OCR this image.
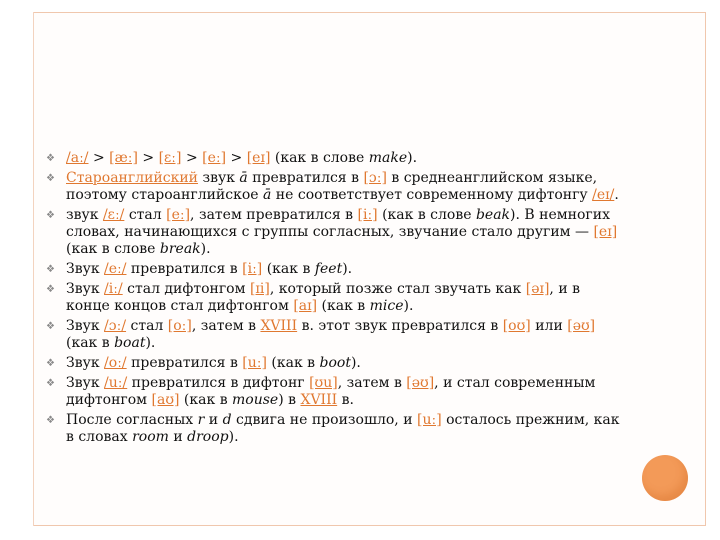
❖
/aː/ > [æː] > [ɛː] > [eː] > [eɪ] (как в слове make).
❖
Староанглийский звук ā превратился в [ɔː] в среднеанглийском языке, поэтому староанглийское ā не соответствует современному дифтонгу /eɪ/.
❖
звук /ɛː/ стал [eː], затем превратился в [iː] (как в слове beak). В немногих словах, начинающихся с группы согласных, звучание стало другим — [eɪ] (как в слове break).
❖
Звук /eː/ превратился в [iː] (как в feet).
❖
Звук /iː/ стал дифтонгом [ɪi], который позже стал звучать как [əɪ], и в конце концов стал дифтонгом [aɪ] (как в mice).
❖
Звук /ɔː/ стал [oː], затем в XVIII в. этот звук превратился в [oʊ] или [əʊ] (как в boat).
❖
Звук /oː/ превратился в [uː] (как в boot).
❖
Звук /uː/ превратился в дифтонг [ʊu], затем в [əʊ], и стал современным дифтонгом [aʊ] (как в mouse) в XVIII в.
❖
После согласных r и d сдвига не произошло, и [uː] осталось прежним, как в словах room и droop).
